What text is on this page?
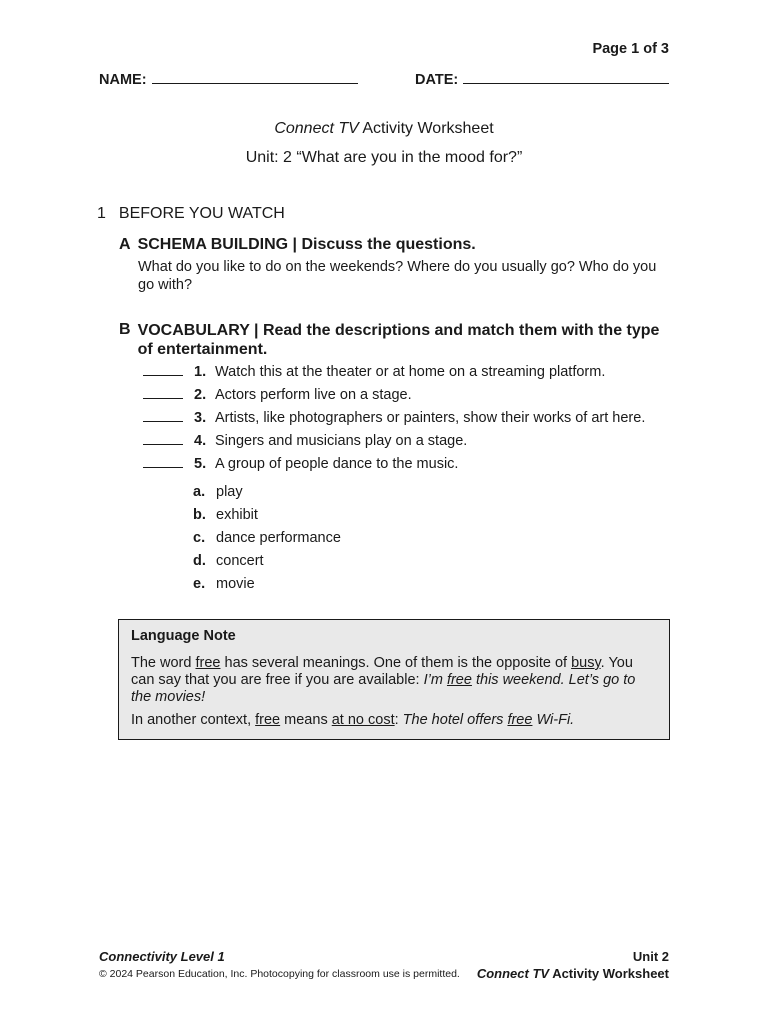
Page 1 of 3
NAME:	DATE:
Connect TV Activity Worksheet
Unit: 2 “What are you in the mood for?”
1 BEFORE YOU WATCH
A SCHEMA BUILDING | Discuss the questions.
What do you like to do on the weekends? Where do you usually go? Who do you go with?
B VOCABULARY | Read the descriptions and match them with the type of entertainment.
1. Watch this at the theater or at home on a streaming platform.
2. Actors perform live on a stage.
3. Artists, like photographers or painters, show their works of art here.
4. Singers and musicians play on a stage.
5. A group of people dance to the music.
a. play
b. exhibit
c. dance performance
d. concert
e. movie
Language Note

The word free has several meanings. One of them is the opposite of busy. You can say that you are free if you are available: I’m free this weekend. Let’s go to the movies!

In another context, free means at no cost: The hotel offers free Wi-Fi.

Connectivity Level 1
© 2024 Pearson Education, Inc. Photocopying for classroom use is permitted.
Unit 2
Connect TV Activity Worksheet
